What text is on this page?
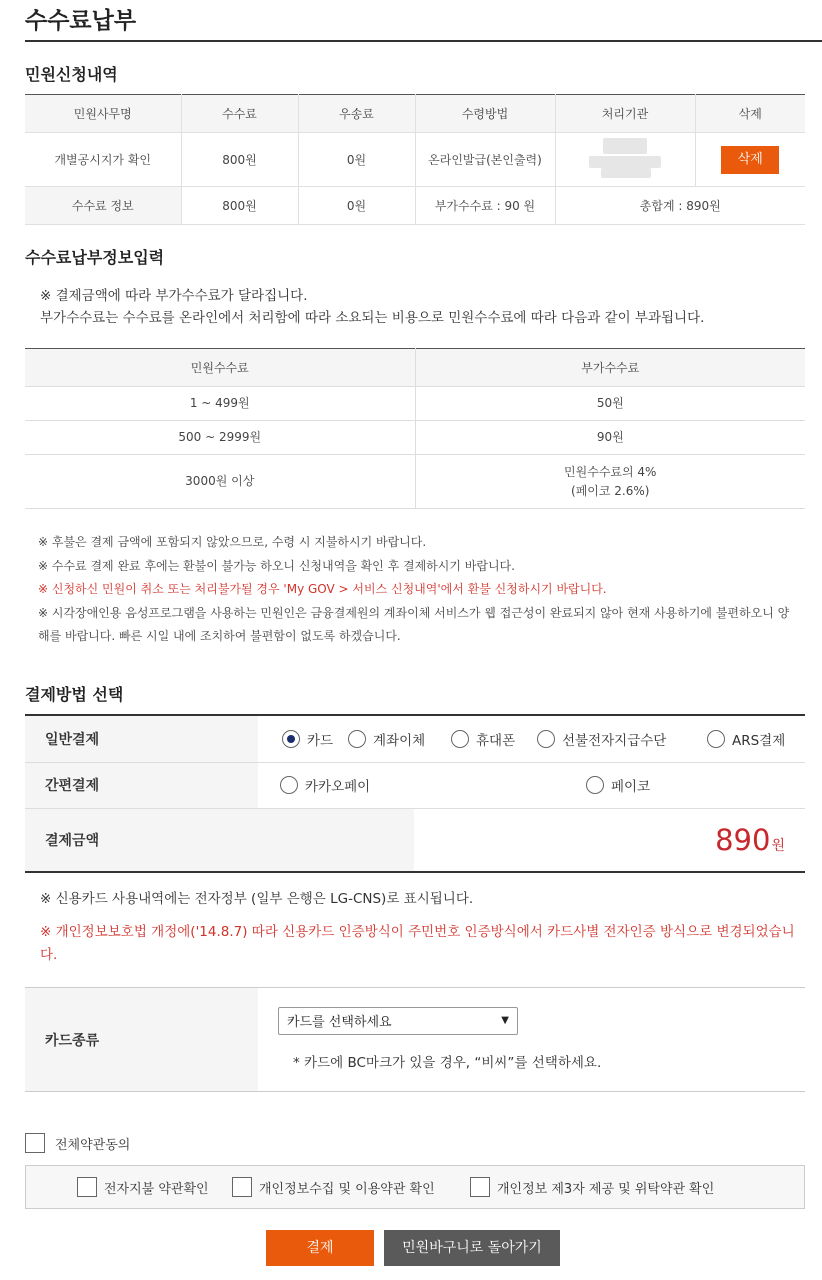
수수료납부
민원신청내역
민원사무명	수수료	우송료	수령방법	처리기관	삭제
개별공시지가 확인	800원	0원	온라인발급(본인출력)		삭제
수수료 정보	800원	0원	부가수수료 : 90 원	총합계 : 890원	
수수료납부정보입력
※ 결제금액에 따라 부가수수료가 달라집니다.
부가수수료는 수수료를 온라인에서 처리함에 따라 소요되는 비용으로 민원수수료에 따라 다음과 같이 부과됩니다.
민원수수료	부가수수료
1 ~ 499원	50원
500 ~ 2999원	90원
3000원 이상	민원수수료의 4%
(페이코 2.6%)
※ 후불은 결제 금액에 포함되지 않았으므로, 수령 시 지불하시기 바랍니다.
※ 수수료 결제 완료 후에는 환불이 불가능 하오니 신청내역을 확인 후 결제하시기 바랍니다.
※ 신청하신 민원이 취소 또는 처리불가될 경우 'My GOV > 서비스 신청내역'에서 환불 신청하시기 바랍니다.
※ 시각장애인용 음성프로그램을 사용하는 민원인은 금융결제원의 계좌이체 서비스가 웹 접근성이 완료되지 않아 현재 사용하기에 불편하오니 양해를 바랍니다. 빠른 시일 내에 조치하여 불편함이 없도록 하겠습니다.
결제방법 선택
일반결제	카드 계좌이체 휴대폰 선불전자지급수단 ARS결제

간편결제	카카오페이 페이코

결제금액	890원
※ 신용카드 사용내역에는 전자정부 (일부 은행은 LG-CNS)로 표시됩니다.
※ 개인정보보호법 개정에('14.8.7) 따라 신용카드 인증방식이 주민번호 인증방식에서 카드사별 전자인증 방식으로 변경되었습니다.
카드종류	
카드를 선택하세요	▼
* 카드에 BC마크가 있을 경우, “비씨”를 선택하세요.
전체약관동의
전자지불 약관확인	개인정보수집 및 이용약관 확인	개인정보 제3자 제공 및 위탁약관 확인
결제	민원바구니로 돌아가기
